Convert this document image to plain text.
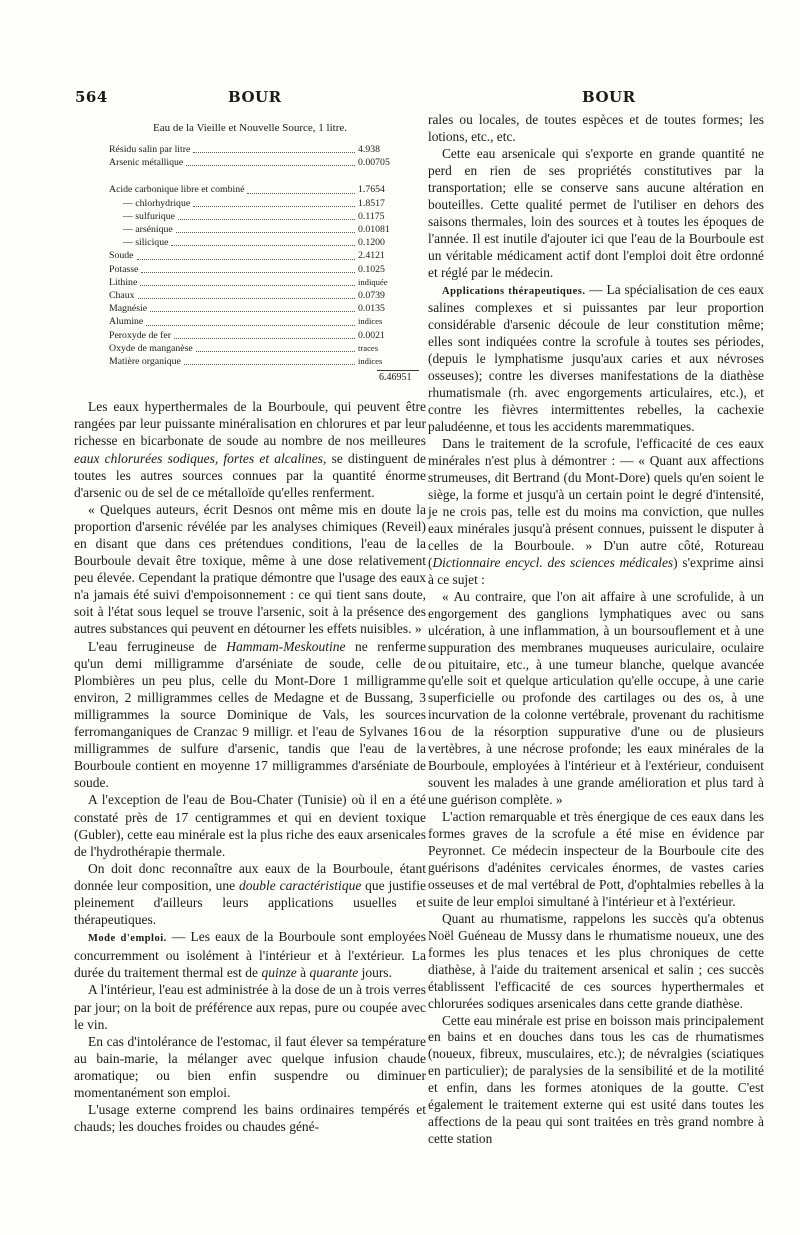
564	BOUR	BOUR
Eau de la Vieille et Nouvelle Source, 1 litre.
Résidu salin par litre	4.938
Arsenic métallique	0.00705
Acide carbonique libre et combiné	1.7654
— chlorhydrique	1.8517
— sulfurique	0.1175
— arsénique	0.01081
— silicique	0.1200
Soude	2.4121
Potasse	0.1025
Lithine	indiquée
Chaux	0.0739
Magnésie	0.0135
Alumine	indices
Peroxyde de fer	0.0021
Oxyde de manganèse	traces
Matière organique	indices
6.46951

Les eaux hyperthermales de la Bourboule, qui peuvent être rangées par leur puissante minéralisation en chlorures et par leur richesse en bicarbonate de soude au nombre de nos meilleures eaux chlorurées sodiques, fortes et alcalines, se distinguent de toutes les autres sources connues par la quantité énorme d'arsenic ou de sel de ce métalloïde qu'elles renferment.

« Quelques auteurs, écrit Desnos ont même mis en doute la proportion d'arsenic révélée par les analyses chimiques (Reveil) en disant que dans ces prétendues conditions, l'eau de la Bourboule devait être toxique, même à une dose relativement peu élevée. Cependant la pratique démontre que l'usage des eaux n'a jamais été suivi d'empoisonnement : ce qui tient sans doute, soit à l'état sous lequel se trouve l'arsenic, soit à la présence des autres substances qui peuvent en détourner les effets nuisibles. »

L'eau ferrugineuse de Hammam-Meskoutine ne renferme qu'un demi milligramme d'arséniate de soude, celle de Plombières un peu plus, celle du Mont-Dore 1 milligramme environ, 2 milligrammes celles de Medagne et de Bussang, 3 milligrammes la source Dominique de Vals, les sources ferromanganiques de Cranzac 9 milligr. et l'eau de Sylvanes 16 milligrammes de sulfure d'arsenic, tandis que l'eau de la Bourboule contient en moyenne 17 milligrammes d'arséniate de soude.

A l'exception de l'eau de Bou-Chater (Tunisie) où il en a été constaté près de 17 centigrammes et qui en devient toxique (Gubler), cette eau minérale est la plus riche des eaux arsenicales de l'hydrothérapie thermale.

On doit donc reconnaître aux eaux de la Bourboule, étant donnée leur composition, une double caractéristique que justifie pleinement d'ailleurs leurs applications usuelles et thérapeutiques.

Mode d'emploi. — Les eaux de la Bourboule sont employées concurremment ou isolément à l'intérieur et à l'extérieur. La durée du traitement thermal est de quinze à quarante jours.

A l'intérieur, l'eau est administrée à la dose de un à trois verres par jour; on la boit de préférence aux repas, pure ou coupée avec le vin.

En cas d'intolérance de l'estomac, il faut élever sa température au bain-marie, la mélanger avec quelque infusion chaude aromatique; ou bien enfin suspendre ou diminuer momentanément son emploi.

L'usage externe comprend les bains ordinaires tempérés et chauds; les douches froides ou chaudes géné-

rales ou locales, de toutes espèces et de toutes formes; les lotions, etc., etc.

Cette eau arsenicale qui s'exporte en grande quantité ne perd en rien de ses propriétés constitutives par la transportation; elle se conserve sans aucune altération en bouteilles. Cette qualité permet de l'utiliser en dehors des saisons thermales, loin des sources et à toutes les époques de l'année. Il est inutile d'ajouter ici que l'eau de la Bourboule est un véritable médicament actif dont l'emploi doit être ordonné et réglé par le médecin.

Applications thérapeutiques. — La spécialisation de ces eaux salines complexes et si puissantes par leur proportion considérable d'arsenic découle de leur constitution même; elles sont indiquées contre la scrofule à toutes ses périodes, (depuis le lymphatisme jusqu'aux caries et aux névroses osseuses); contre les diverses manifestations de la diathèse rhumatismale (rh. avec engorgements articulaires, etc.), et contre les fièvres intermittentes rebelles, la cachexie paludéenne, et tous les accidents maremmatiques.

Dans le traitement de la scrofule, l'efficacité de ces eaux minérales n'est plus à démontrer : — « Quant aux affections strumeuses, dit Bertrand (du Mont-Dore) quels qu'en soient le siège, la forme et jusqu'à un certain point le degré d'intensité, je ne crois pas, telle est du moins ma conviction, que nulles eaux minérales jusqu'à présent connues, puissent le disputer à celles de la Bourboule. » D'un autre côté, Rotureau (Dictionnaire encycl. des sciences médicales) s'exprime ainsi à ce sujet :

« Au contraire, que l'on ait affaire à une scrofulide, à un engorgement des ganglions lymphatiques avec ou sans ulcération, à une inflammation, à un boursouflement et à une suppuration des membranes muqueuses auriculaire, oculaire ou pituitaire, etc., à une tumeur blanche, quelque avancée qu'elle soit et quelque articulation qu'elle occupe, à une carie superficielle ou profonde des cartilages ou des os, à une incurvation de la colonne vertébrale, provenant du rachitisme ou de la résorption suppurative d'une ou de plusieurs vertèbres, à une nécrose profonde; les eaux minérales de la Bourboule, employées à l'intérieur et à l'extérieur, conduisent souvent les malades à une grande amélioration et plus tard à une guérison complète. »

L'action remarquable et très énergique de ces eaux dans les formes graves de la scrofule a été mise en évidence par Peyronnet. Ce médecin inspecteur de la Bourboule cite des guérisons d'adénites cervicales énormes, de vastes caries osseuses et de mal vertébral de Pott, d'ophtalmies rebelles à la suite de leur emploi simultané à l'intérieur et à l'extérieur.

Quant au rhumatisme, rappelons les succès qu'a obtenus Noël Guéneau de Mussy dans le rhumatisme noueux, une des formes les plus tenaces et les plus chroniques de cette diathèse, à l'aide du traitement arsenical et salin ; ces succès établissent l'efficacité de ces sources hyperthermales et chlorurées sodiques arsenicales dans cette grande diathèse.

Cette eau minérale est prise en boisson mais principalement en bains et en douches dans tous les cas de rhumatismes (noueux, fibreux, musculaires, etc.); de névralgies (sciatiques en particulier); de paralysies de la sensibilité et de la motilité et enfin, dans les formes atoniques de la goutte. C'est également le traitement externe qui est usité dans toutes les affections de la peau qui sont traitées en très grand nombre à cette station
